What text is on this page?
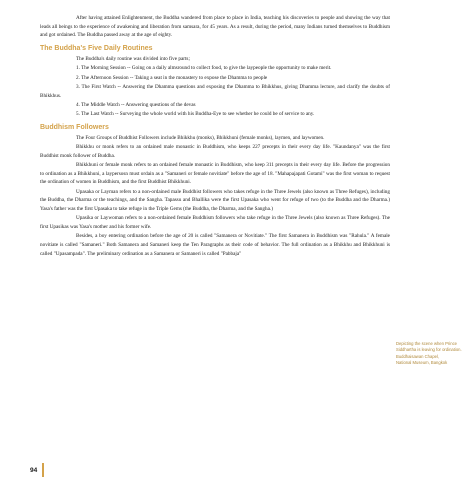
After having attained Enlightenment, the Buddha wandered from place to place in India, teaching his discoveries to people and showing the way that leads all beings to the experience of awakening and liberation from samsara, for 45 years. As a result, during the period, many Indians turned themselves to Buddhism and got ordained. The Buddha passed away at the age of eighty.

The Buddha's Five Daily Routines

The Buddha's daily routine was divided into five parts;

1. The Morning Session -- Going on a daily almsround to collect food, to give the laypeople the opportunity to make merit.

2. The Afternoon Session -- Taking a seat in the monastery to expose the Dhamma to people

3. The First Watch -- Answering the Dhamma questions and exposing the Dhamma to Bhikkhus, giving Dhamma lecture, and clarify the doubts of Bhikkhus.

4. The Middle Watch -- Answering questions of the devas

5. The Last Watch -- Surveying the whole world with his Buddha-Eye to see whether he could be of service to any.

Buddhism Followers

The Four Groups of Buddhist Followers include Bhikkhu (monks), Bhikkhuni (female monks), laymen, and laywomen.

Bhikkhu or monk refers to an ordained male monastic in Buddhism, who keeps 227 precepts in their every day life. "Kaundanya" was the first Buddhist monk follower of Buddha.

Bhikkhuni or female monk refers to an ordained female monastic in Buddhism, who keep 311 precepts in their every day life. Before the progression to ordination as a Bhikkhuni, a laypersosn must ordain as a "Samaneri or female novitiate" before the age of 18. "Mahapajapati Gotami" was the first woman to request the ordination of women in Buddhism, and the first Buddhist Bhikkhuni.

Upasaka or Layman refers to a non-ordained male Buddhist followers who takes refuge in the Three Jewels (also known as Three Refuges), including the Buddha, the Dharma or the teachings, and the Sangha. Tapassu and Bhallika were the first Upasaka who went for refuge of two (to the Buddha and the Dharma.) Yasa's father was the first Upasaka to take refuge in the Triple Gems (the Buddha, the Dharma, and the Sangha.)

Upasika or Laywoman refers to a non-ordained female Buddhism followers who take refuge in the Three Jewels (also known as Three Refuges). The first Upasikas was Yasa's mother and his former wife.

Besides, a boy entering ordination before the age of 20 is called "Samanera or Novitiate." The first Samanera in Buddhism was "Rahula." A female novitiate is called "Samaneri." Both Samanera and Samaneri keep the Ten Paragraphs as their code of behavior. The full ordination as a Bhikkhu and Bhikkhuni is called "Upasampada". The preliminary ordination as a Samanera or Samaneri is called "Pabbaja"

Depicting the scene when Prince
Siddhartha is leaving for ordination.
Buddhaisawan Chapel,
National Museum, Bangkok
94
